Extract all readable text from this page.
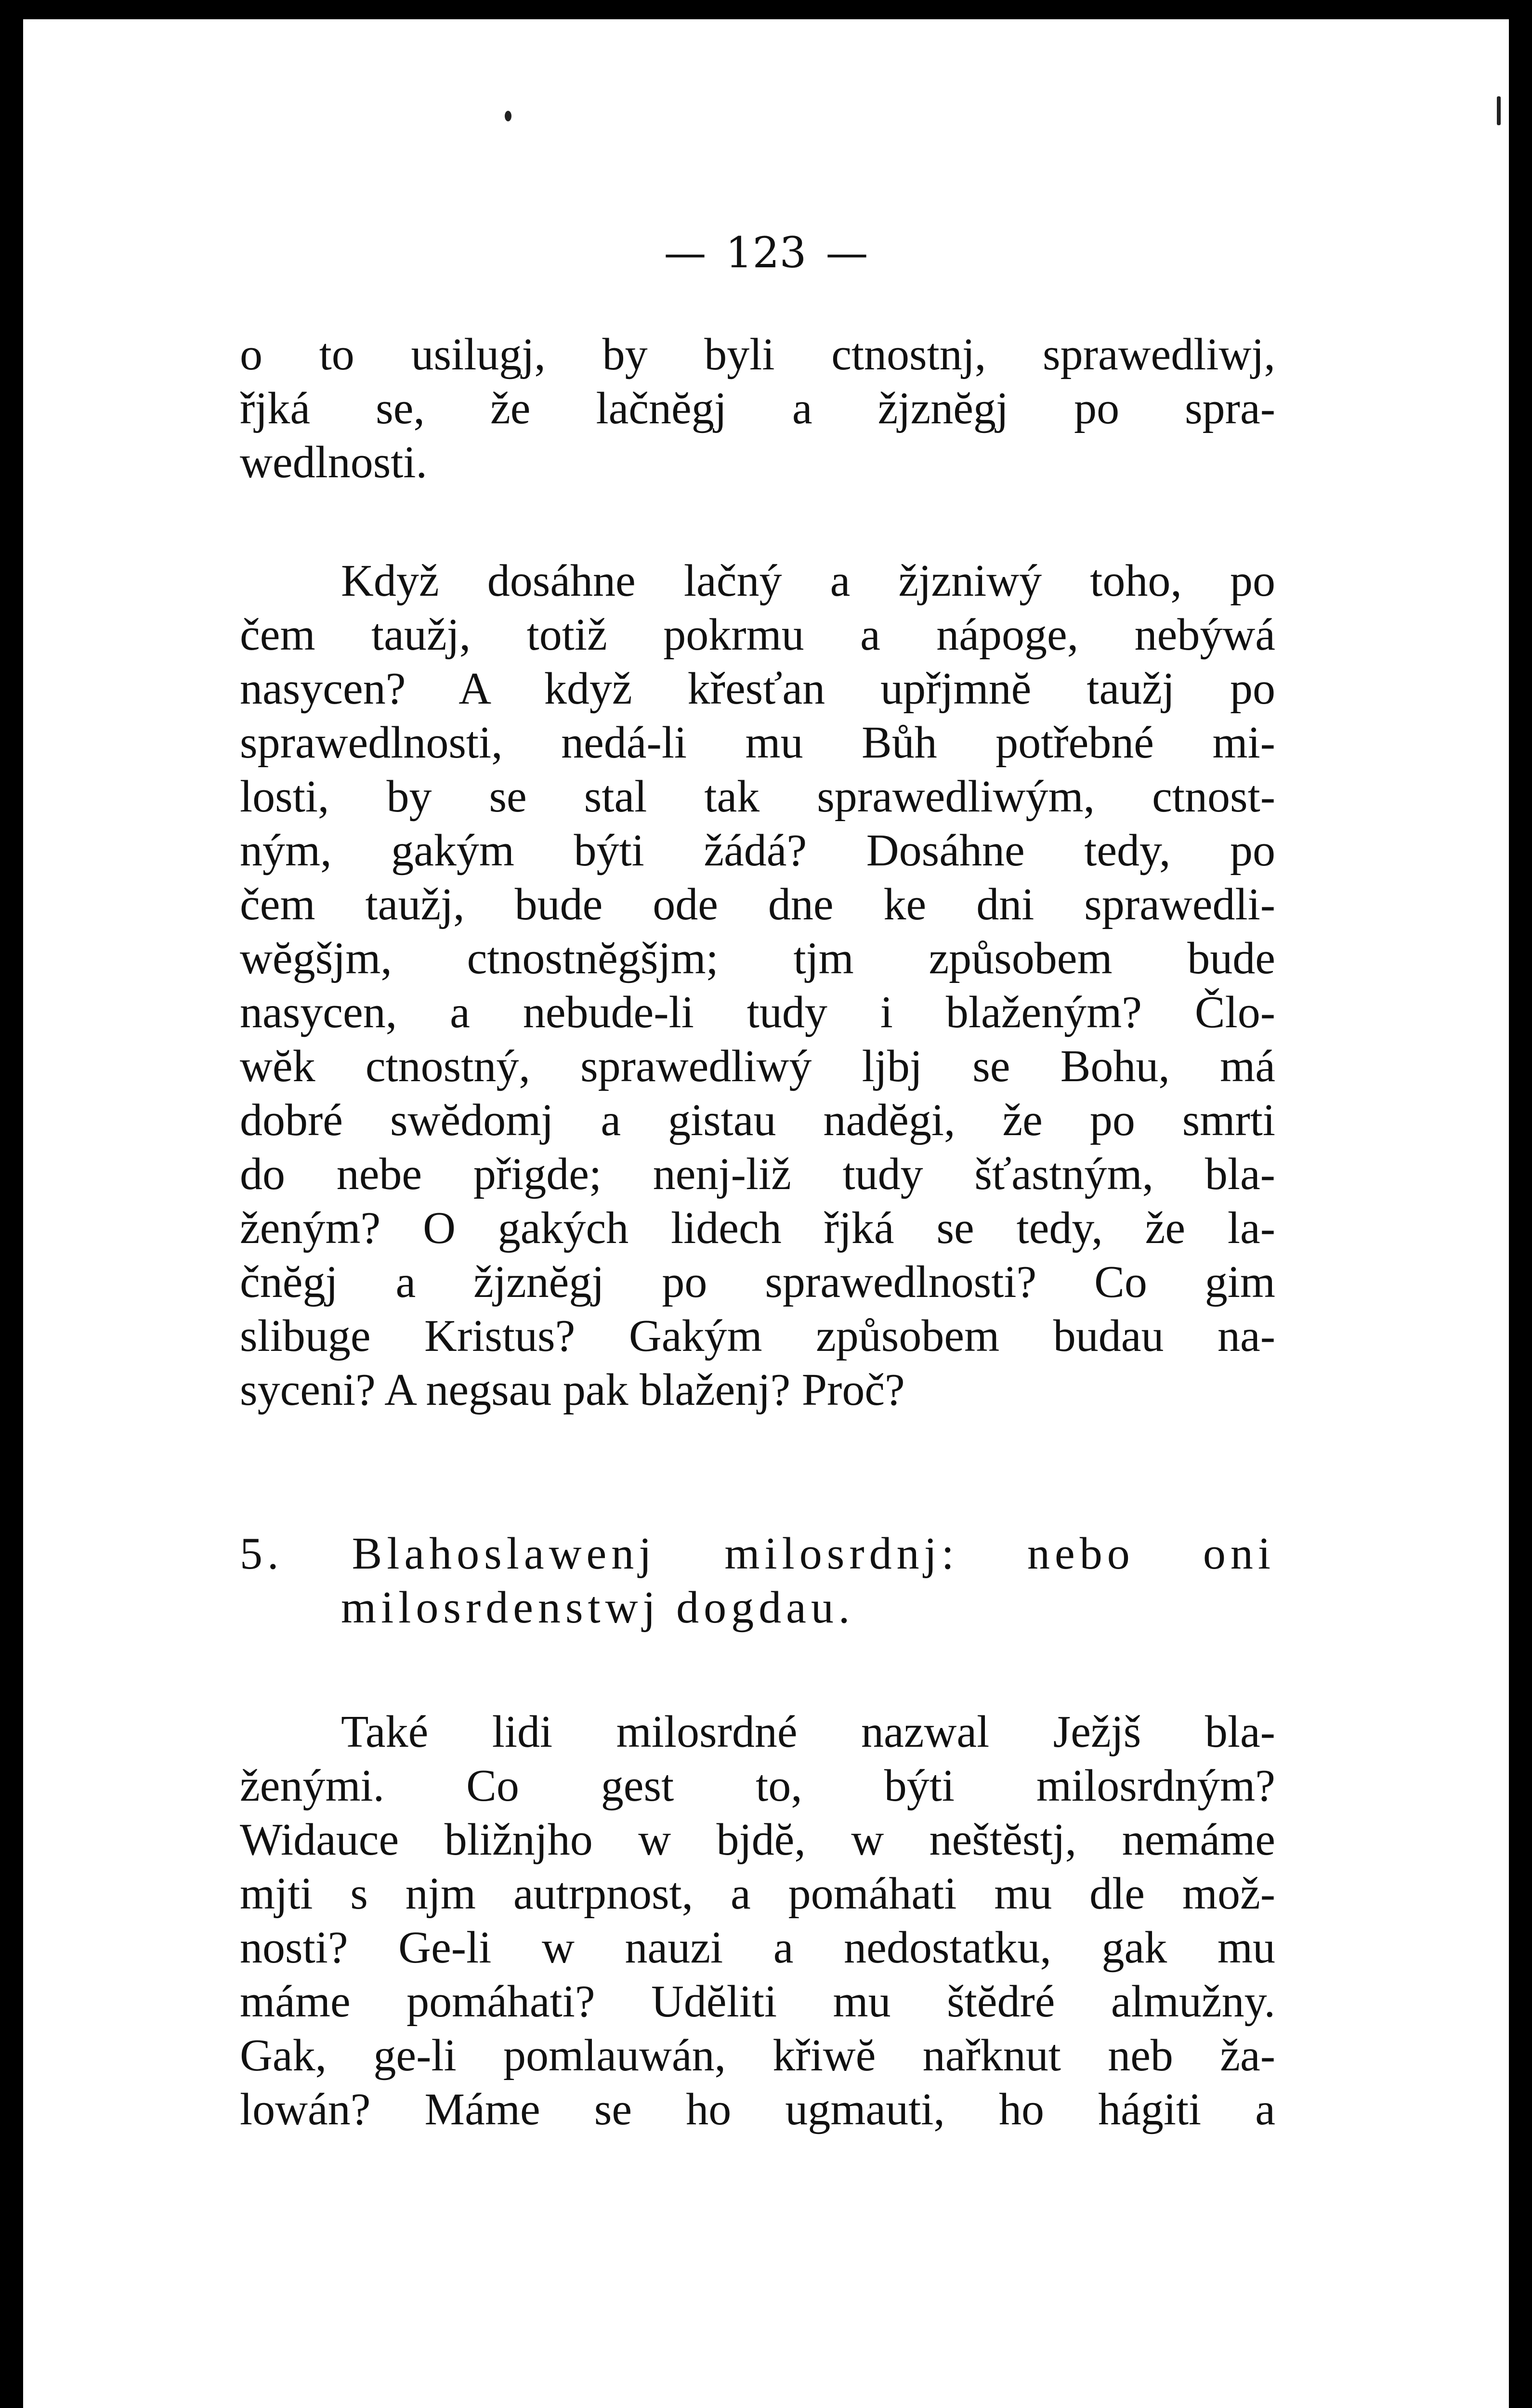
— 123 —
o to usilugj, by byli ctnostnj, sprawedliwj,
řjká se, že lačnĕgj a žjznĕgj po spra-
wedlnosti.
Když dosáhne lačný a žjzniwý toho, po
čem taužj, totiž pokrmu a nápoge, nebýwá
nasycen? A když křesťan upřjmnĕ taužj po
sprawedlnosti, nedá-li mu Bůh potřebné mi-
losti, by se stal tak sprawedliwým, ctnost-
ným, gakým býti žádá? Dosáhne tedy, po
čem taužj, bude ode dne ke dni sprawedli-
wĕgšjm, ctnostnĕgšjm; tjm způsobem bude
nasycen, a nebude-li tudy i blaženým? Člo-
wĕk ctnostný, sprawedliwý ljbj se Bohu, má
dobré swĕdomj a gistau nadĕgi, že po smrti
do nebe přigde; nenj-liž tudy šťastným, bla-
ženým? O gakých lidech řjká se tedy, že la-
čnĕgj a žjznĕgj po sprawedlnosti? Co gim
slibuge Kristus? Gakým způsobem budau na-
syceni? A negsau pak blaženj? Proč?
5. Blahoslawenj milosrdnj: nebo oni
milosrdenstwj dogdau.
Také lidi milosrdné nazwal Ježjš bla-
ženými. Co gest to, býti milosrdným?
Widauce bližnjho w bjdĕ, w neštĕstj, nemáme
mjti s njm autrpnost, a pomáhati mu dle mož-
nosti? Ge-li w nauzi a nedostatku, gak mu
máme pomáhati? Udĕliti mu štĕdré almužny.
Gak, ge-li pomlauwán, křiwĕ nařknut neb ža-
lowán? Máme se ho ugmauti, ho hágiti a
